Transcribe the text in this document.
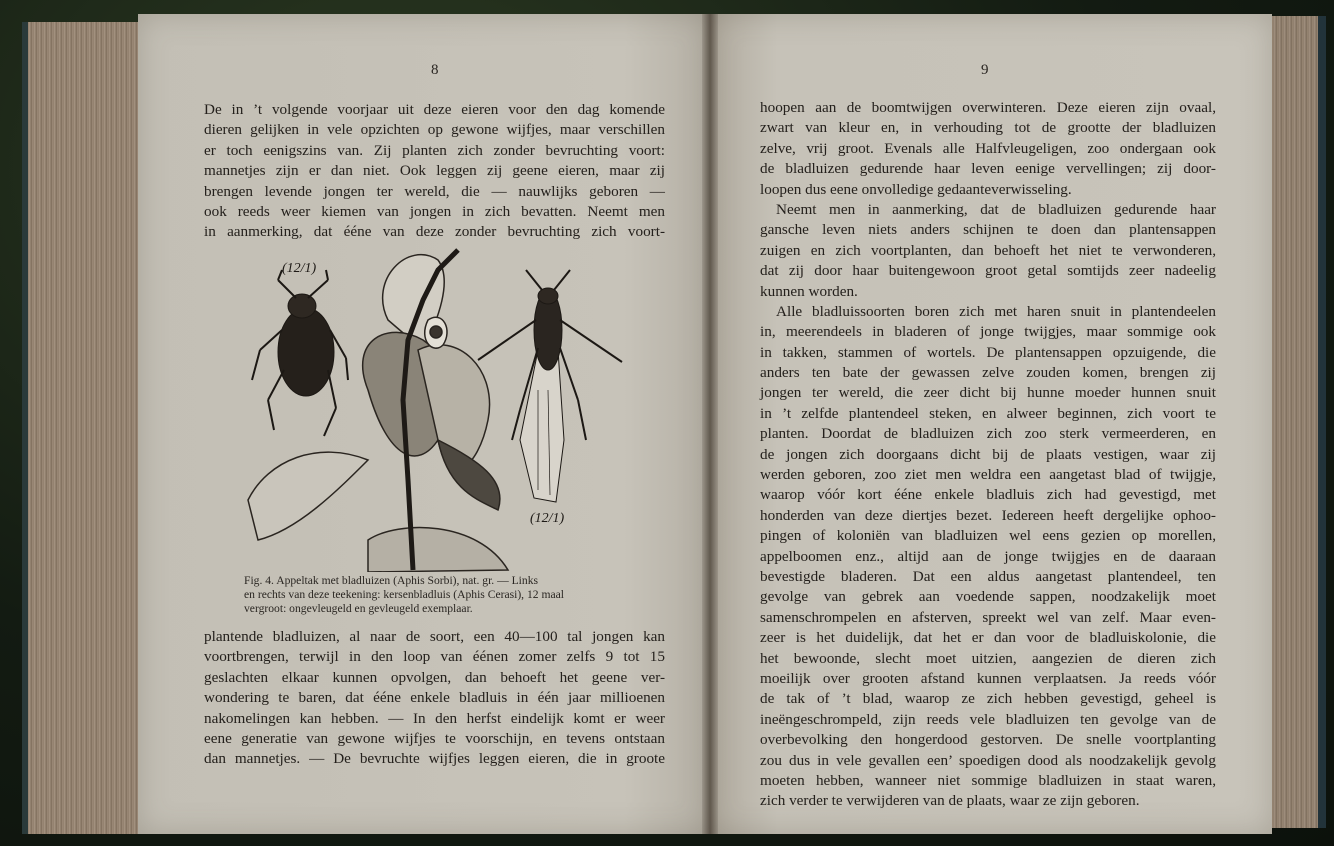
8	9
De in ’t volgende voorjaar uit deze eieren voor den dag komende
dieren gelijken in vele opzichten op gewone wijfjes, maar verschillen
er toch eenigszins van. Zij planten zich zonder bevruchting voort:
mannetjes zijn er dan niet. Ook leggen zij geene eieren, maar zij
brengen levende jongen ter wereld, die — nauwlijks geboren —
ook reeds weer kiemen van jongen in zich bevatten. Neemt men
in aanmerking, dat ééne van deze zonder bevruchting zich voort-
(12/1)
(12/1)
Fig. 4. Appeltak met bladluizen (Aphis Sorbi), nat. gr. — Links
en rechts van deze teekening: kersenbladluis (Aphis Cerasi), 12 maal
vergroot: ongevleugeld en gevleugeld exemplaar.
plantende bladluizen, al naar de soort, een 40—100 tal jongen kan
voortbrengen, terwijl in den loop van éénen zomer zelfs 9 tot 15
geslachten elkaar kunnen opvolgen, dan behoeft het geene ver-
wondering te baren, dat ééne enkele bladluis in één jaar millioenen
nakomelingen kan hebben. — In den herfst eindelijk komt er weer
eene generatie van gewone wijfjes te voorschijn, en tevens ontstaan
dan mannetjes. — De bevruchte wijfjes leggen eieren, die in groote
hoopen aan de boomtwijgen overwinteren. Deze eieren zijn ovaal,
zwart van kleur en, in verhouding tot de grootte der bladluizen
zelve, vrij groot. Evenals alle Halfvleugeligen, zoo ondergaan ook
de bladluizen gedurende haar leven eenige vervellingen; zij door-
loopen dus eene onvolledige gedaanteverwisseling.
Neemt men in aanmerking, dat de bladluizen gedurende haar
gansche leven niets anders schijnen te doen dan plantensappen
zuigen en zich voortplanten, dan behoeft het niet te verwonderen,
dat zij door haar buitengewoon groot getal somtijds zeer nadeelig
kunnen worden.
Alle bladluissoorten boren zich met haren snuit in plantendeelen
in, meerendeels in bladeren of jonge twijgjes, maar sommige ook
in takken, stammen of wortels. De plantensappen opzuigende, die
anders ten bate der gewassen zelve zouden komen, brengen zij
jongen ter wereld, die zeer dicht bij hunne moeder hunnen snuit
in ’t zelfde plantendeel steken, en alweer beginnen, zich voort te
planten. Doordat de bladluizen zich zoo sterk vermeerderen, en
de jongen zich doorgaans dicht bij de plaats vestigen, waar zij
werden geboren, zoo ziet men weldra een aangetast blad of twijgje,
waarop vóór kort ééne enkele bladluis zich had gevestigd, met
honderden van deze diertjes bezet. Iedereen heeft dergelijke ophoo-
pingen of koloniën van bladluizen wel eens gezien op morellen,
appelboomen enz., altijd aan de jonge twijgjes en de daaraan
bevestigde bladeren. Dat een aldus aangetast plantendeel, ten
gevolge van gebrek aan voedende sappen, noodzakelijk moet
samenschrompelen en afsterven, spreekt wel van zelf. Maar even-
zeer is het duidelijk, dat het er dan voor de bladluiskolonie, die
het bewoonde, slecht moet uitzien, aangezien de dieren zich
moeilijk over grooten afstand kunnen verplaatsen. Ja reeds vóór
de tak of ’t blad, waarop ze zich hebben gevestigd, geheel is
ineëngeschrompeld, zijn reeds vele bladluizen ten gevolge van de
overbevolking den hongerdood gestorven. De snelle voortplanting
zou dus in vele gevallen een’ spoedigen dood als noodzakelijk gevolg
moeten hebben, wanneer niet sommige bladluizen in staat waren,
zich verder te verwijderen van de plaats, waar ze zijn geboren.
